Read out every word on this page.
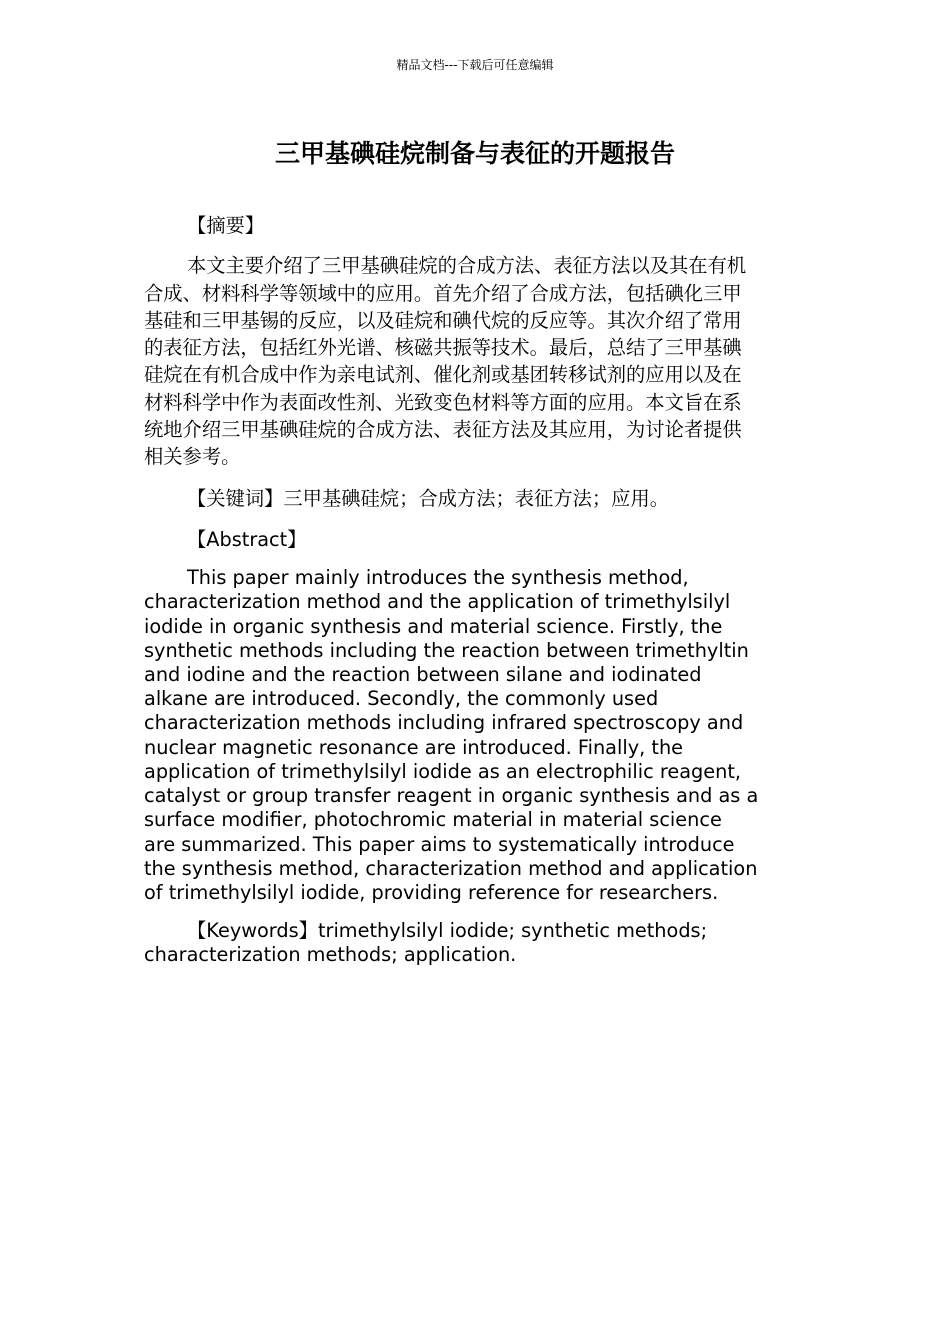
精品文档---下载后可任意编辑
三甲基碘硅烷制备与表征的开题报告

【摘要】

本文主要介绍了三甲基碘硅烷的合成方法、表征方法以及其在有机
合成、材料科学等领域中的应用。首先介绍了合成方法，包括碘化三甲
基硅和三甲基锡的反应，以及硅烷和碘代烷的反应等。其次介绍了常用
的表征方法，包括红外光谱、核磁共振等技术。最后，总结了三甲基碘
硅烷在有机合成中作为亲电试剂、催化剂或基团转移试剂的应用以及在
材料科学中作为表面改性剂、光致变色材料等方面的应用。本文旨在系
统地介绍三甲基碘硅烷的合成方法、表征方法及其应用，为讨论者提供
相关参考。

【关键词】三甲基碘硅烷；合成方法；表征方法；应用。

【Abstract】

This paper mainly introduces the synthesis method,
characterization method and the application of trimethylsilyl
iodide in organic synthesis and material science. Firstly, the
synthetic methods including the reaction between trimethyltin
and iodine and the reaction between silane and iodinated
alkane are introduced. Secondly, the commonly used
characterization methods including infrared spectroscopy and
nuclear magnetic resonance are introduced. Finally, the
application of trimethylsilyl iodide as an electrophilic reagent,
catalyst or group transfer reagent in organic synthesis and as a
surface modifier, photochromic material in material science
are summarized. This paper aims to systematically introduce
the synthesis method, characterization method and application
of trimethylsilyl iodide, providing reference for researchers.

【Keywords】trimethylsilyl iodide; synthetic methods;
characterization methods; application.
